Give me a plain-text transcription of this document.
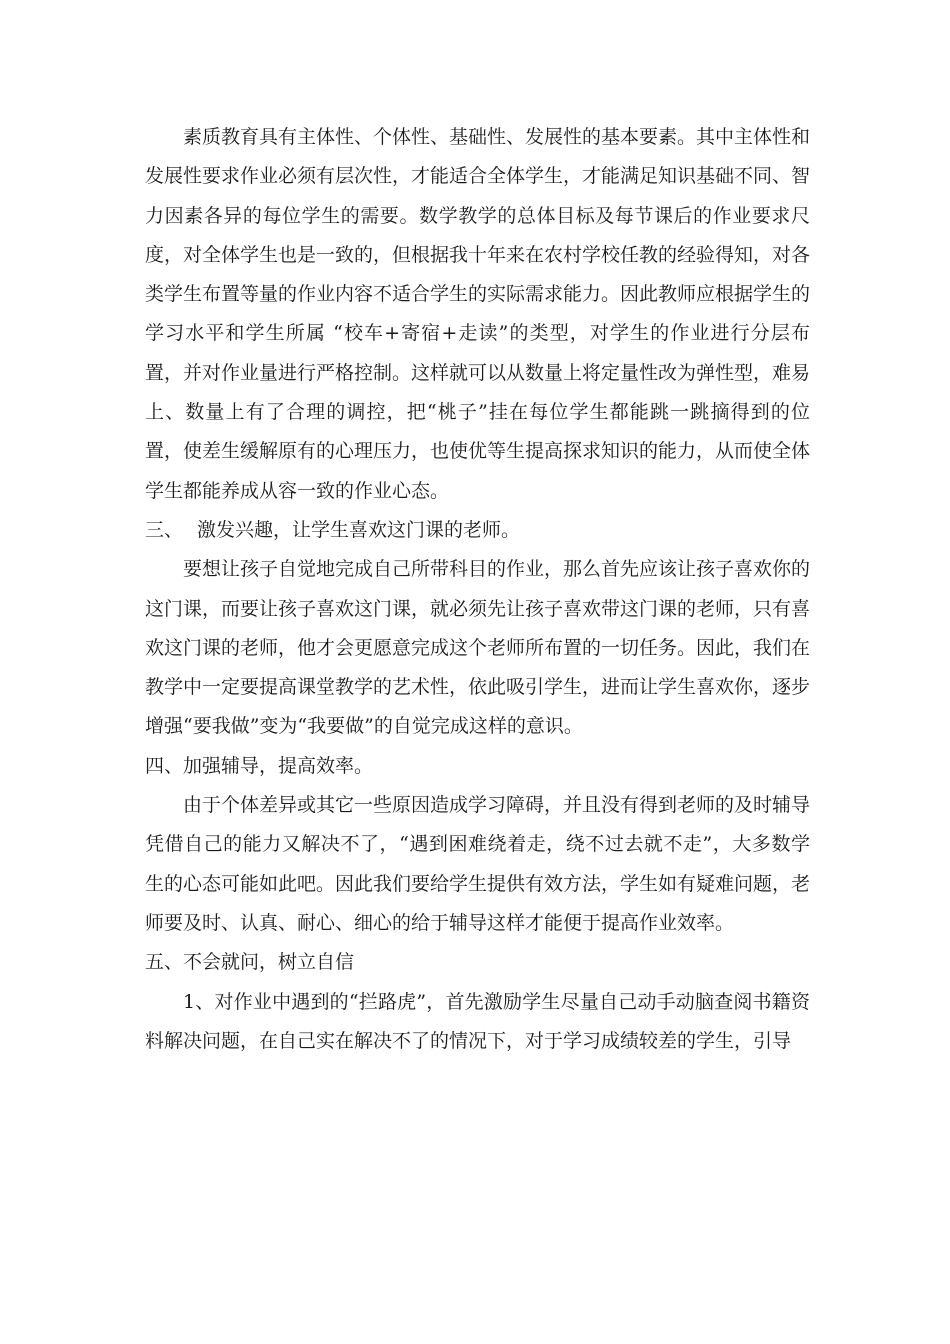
素质教育具有主体性、个体性、基础性、发展性的基本要素。其中主体性和发展性要求作业必须有层次性，才能适合全体学生，才能满足知识基础不同、智力因素各异的每位学生的需要。数学教学的总体目标及每节课后的作业要求尺度，对全体学生也是一致的，但根据我十年来在农村学校任教的经验得知，对各类学生布置等量的作业内容不适合学生的实际需求能力。因此教师应根据学生的学习水平和学生所属 “校车+寄宿+走读”的类型，对学生的作业进行分层布置，并对作业量进行严格控制。这样就可以从数量上将定量性改为弹性型，难易上、数量上有了合理的调控，把“桃子”挂在每位学生都能跳一跳摘得到的位置，使差生缓解原有的心理压力，也使优等生提高探求知识的能力，从而使全体学生都能养成从容一致的作业心态。

三、 激发兴趣，让学生喜欢这门课的老师。

要想让孩子自觉地完成自己所带科目的作业，那么首先应该让孩子喜欢你的这门课，而要让孩子喜欢这门课，就必须先让孩子喜欢带这门课的老师，只有喜欢这门课的老师，他才会更愿意完成这个老师所布置的一切任务。因此，我们在教学中一定要提高课堂教学的艺术性，依此吸引学生，进而让学生喜欢你，逐步增强“要我做”变为“我要做”的自觉完成这样的意识。

四、加强辅导，提高效率。

由于个体差异或其它一些原因造成学习障碍，并且没有得到老师的及时辅导凭借自己的能力又解决不了，“遇到困难绕着走，绕不过去就不走”，大多数学生的心态可能如此吧。因此我们要给学生提供有效方法，学生如有疑难问题，老师要及时、认真、耐心、细心的给于辅导这样才能便于提高作业效率。

五、不会就问，树立自信

1、对作业中遇到的“拦路虎”，首先激励学生尽量自己动手动脑查阅书籍资料解决问题，在自己实在解决不了的情况下，对于学习成绩较差的学生，引导
